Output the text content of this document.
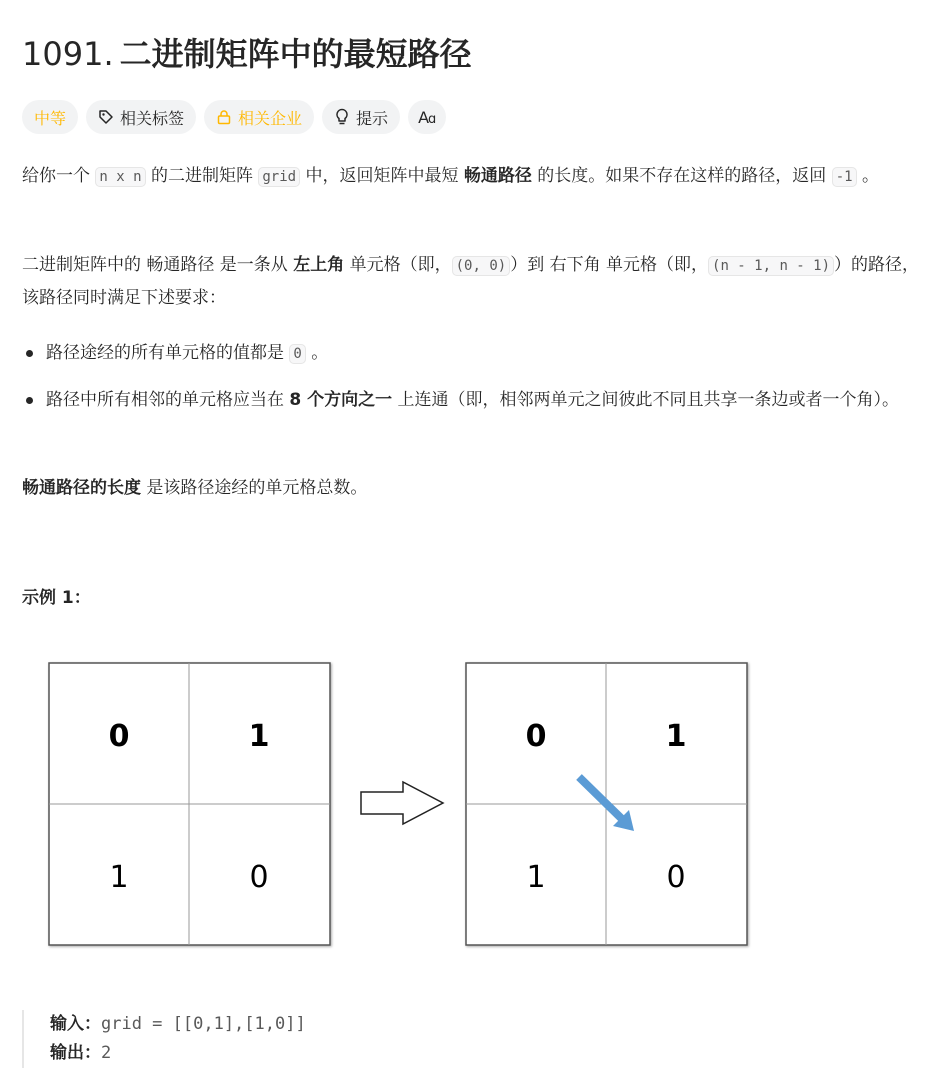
1091. 二进制矩阵中的最短路径
中等	相关标签	相关企业	提示 A ɑ

给你一个 n x n 的二进制矩阵 grid 中，返回矩阵中最短 畅通路径 的长度。如果不存在这样的路径，返回 -1 。

二进制矩阵中的 畅通路径 是一条从 左上角 单元格（即， (0, 0) ）到 右下角 单元格（即， (n - 1, n - 1) ）的路径，该路径同时满足下述要求：

路径途经的所有单元格的值都是 0 。
路径中所有相邻的单元格应当在 8 个方向之一 上连通（即，相邻两单元之间彼此不同且共享一条边或者一个角）。

畅通路径的长度 是该路径途经的单元格总数。

示例 1：
0	1
1	0
0	1
1	0
输入：grid = [[0,1],[1,0]]
输出：2
